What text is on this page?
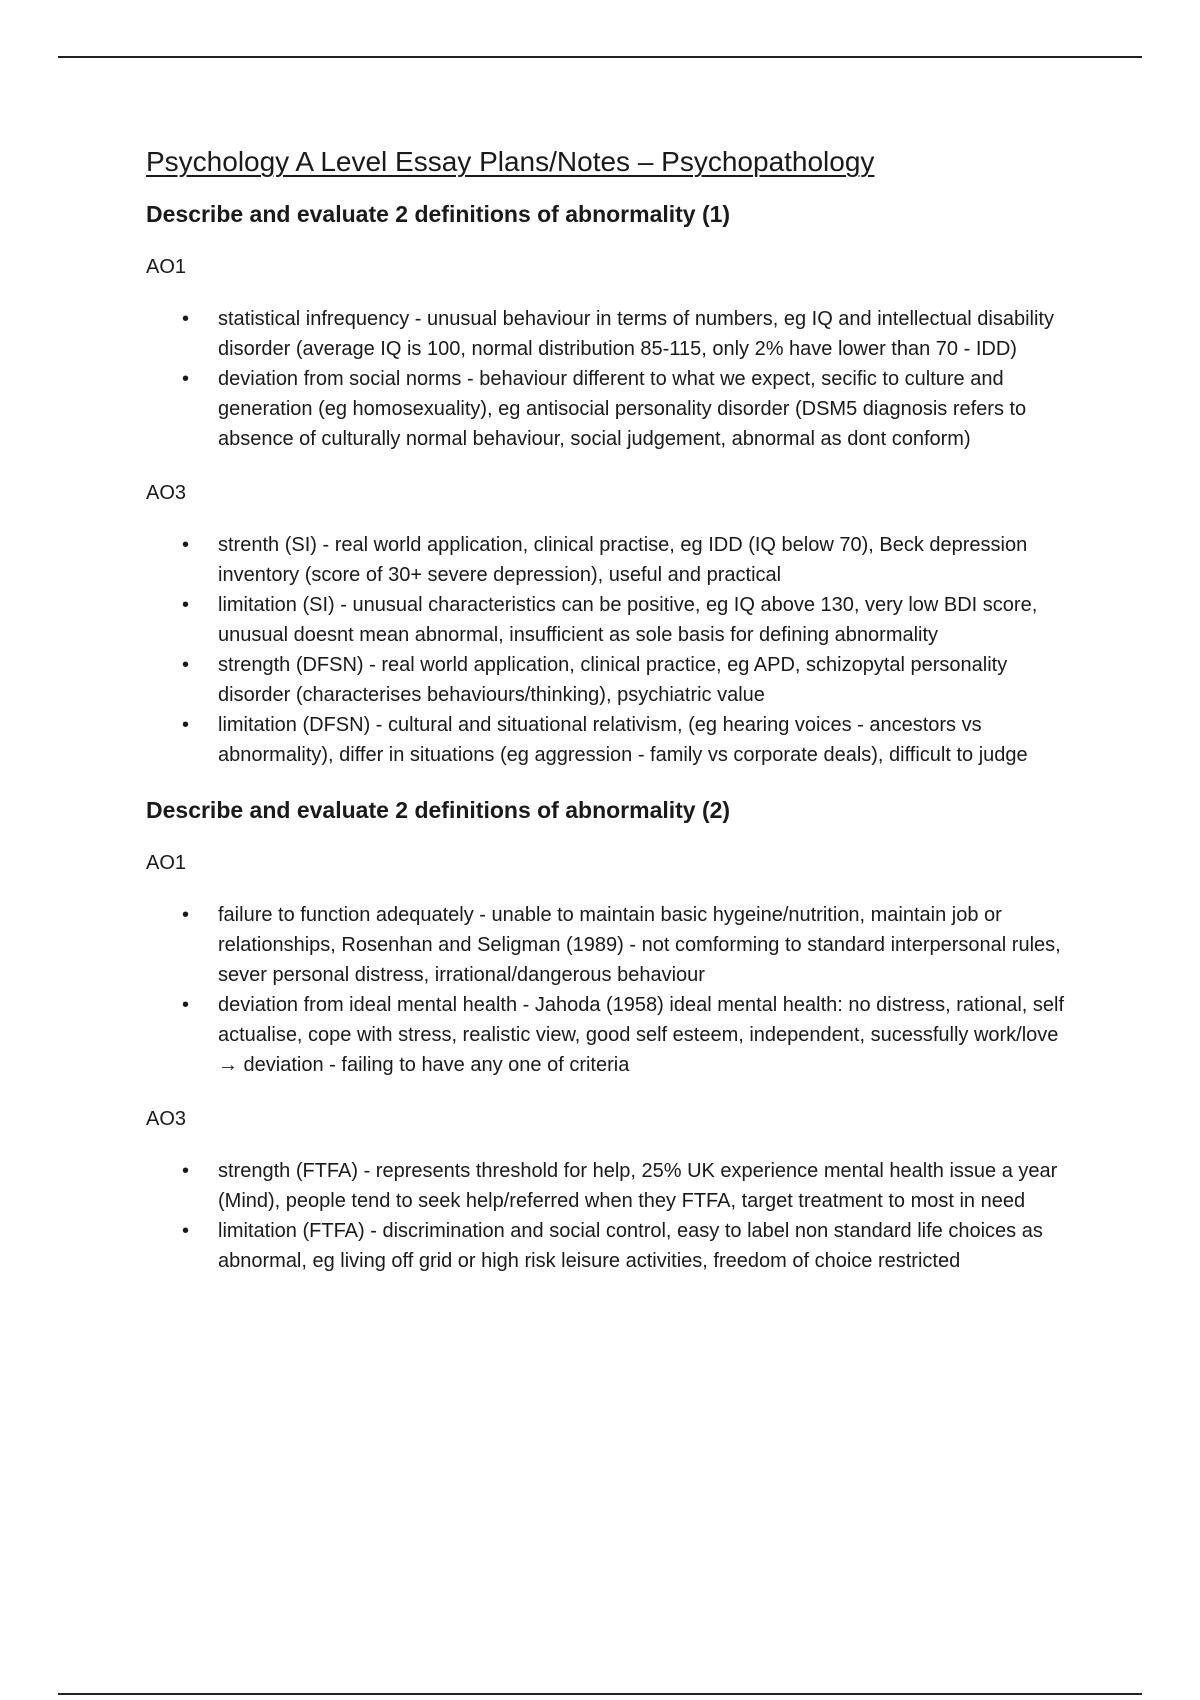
Psychology A Level Essay Plans/Notes – Psychopathology
Describe and evaluate 2 definitions of abnormality (1)

AO1

• statistical infrequency - unusual behaviour in terms of numbers, eg IQ and intellectual disability disorder (average IQ is 100, normal distribution 85-115, only 2% have lower than 70 - IDD)
• deviation from social norms - behaviour different to what we expect, secific to culture and generation (eg homosexuality), eg antisocial personality disorder (DSM5 diagnosis refers to absence of culturally normal behaviour, social judgement, abnormal as dont conform)

AO3

• strenth (SI) - real world application, clinical practise, eg IDD (IQ below 70), Beck depression inventory (score of 30+ severe depression), useful and practical
• limitation (SI) - unusual characteristics can be positive, eg IQ above 130, very low BDI score, unusual doesnt mean abnormal, insufficient as sole basis for defining abnormality
• strength (DFSN) - real world application, clinical practice, eg APD, schizopytal personality disorder (characterises behaviours/thinking), psychiatric value
• limitation (DFSN) - cultural and situational relativism, (eg hearing voices - ancestors vs abnormality), differ in situations (eg aggression - family vs corporate deals), difficult to judge
Describe and evaluate 2 definitions of abnormality (2)

AO1

• failure to function adequately - unable to maintain basic hygeine/nutrition, maintain job or relationships, Rosenhan and Seligman (1989) - not comforming to standard interpersonal rules, sever personal distress, irrational/dangerous behaviour
• deviation from ideal mental health - Jahoda (1958) ideal mental health: no distress, rational, self actualise, cope with stress, realistic view, good self esteem, independent, sucessfully work/love → deviation - failing to have any one of criteria

AO3

• strength (FTFA) - represents threshold for help, 25% UK experience mental health issue a year (Mind), people tend to seek help/referred when they FTFA, target treatment to most in need
• limitation (FTFA) - discrimination and social control, easy to label non standard life choices as abnormal, eg living off grid or high risk leisure activities, freedom of choice restricted
